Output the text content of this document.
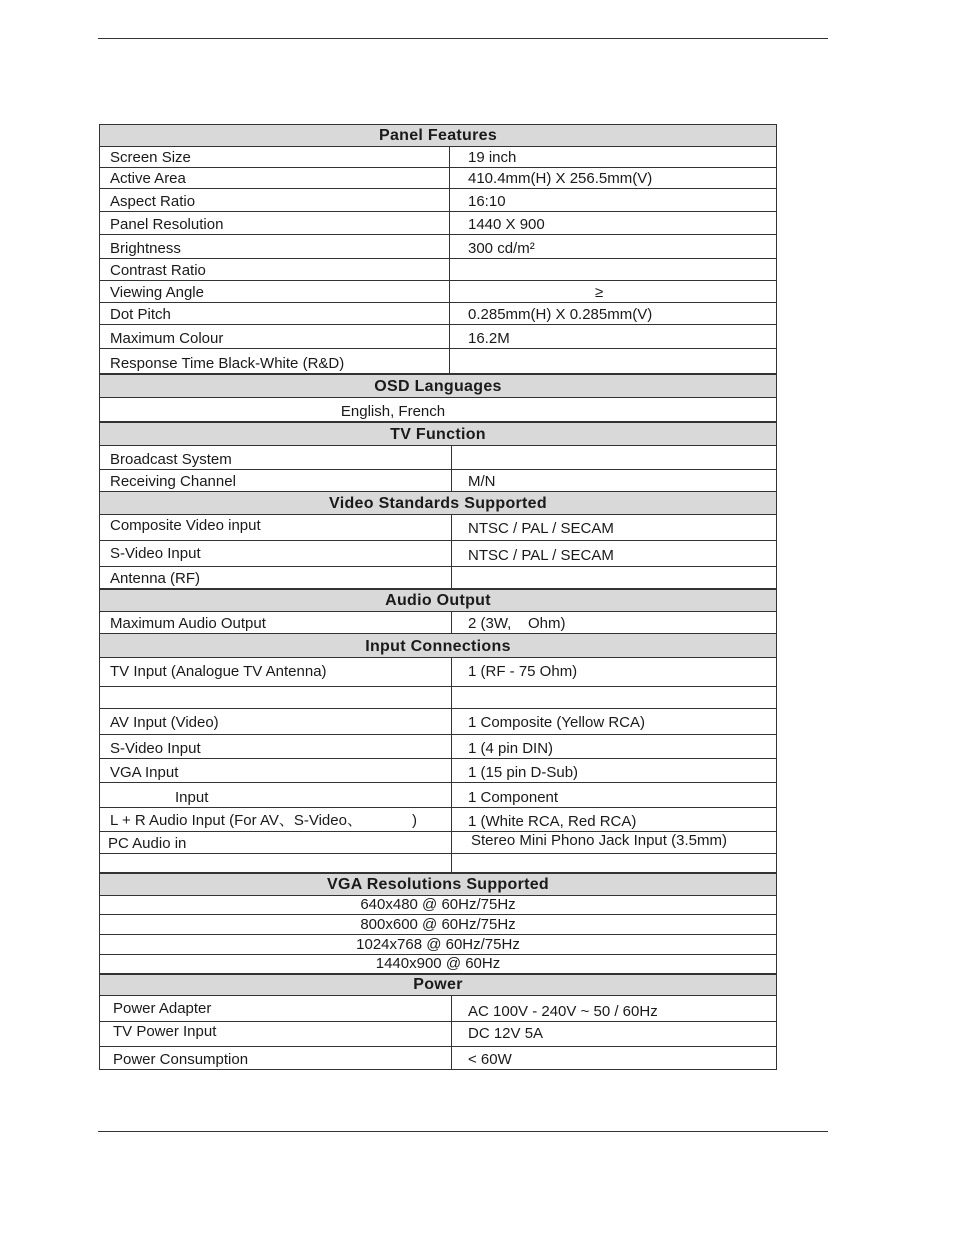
Panel Features
Screen Size	19 inch
Active Area	410.4mm(H) X 256.5mm(V)
Aspect Ratio	16:10
Panel Resolution	1440 X 900
Brightness	300 cd/m²
Contrast Ratio
Viewing Angle	≥
Dot Pitch	0.285mm(H) X 0.285mm(V)
Maximum Colour	16.2M
Response Time Black-White (R&D)
OSD Languages
English, French
TV Function
Broadcast System
Receiving Channel	M/N
Video Standards Supported
Composite Video input	NTSC / PAL / SECAM
S-Video Input	NTSC / PAL / SECAM
Antenna (RF)
Audio Output
Maximum Audio Output	2 (3W,    Ohm)
Input Connections
TV Input (Analogue TV Antenna)	1 (RF - 75 Ohm)
AV Input (Video)	1 Composite (Yellow RCA)
S-Video Input	1 (4 pin DIN)
VGA Input	1 (15 pin D-Sub)
Input	1 Component
L + R Audio Input (For AV、S-Video、            )	1 (White RCA, Red RCA)
PC Audio in	Stereo Mini Phono Jack Input (3.5mm)
VGA Resolutions Supported
640x480 @ 60Hz/75Hz
800x600 @ 60Hz/75Hz
1024x768 @ 60Hz/75Hz
1440x900 @ 60Hz
Power
Power Adapter	AC 100V - 240V ~ 50 / 60Hz
TV Power Input	DC 12V 5A
Power Consumption	< 60W
